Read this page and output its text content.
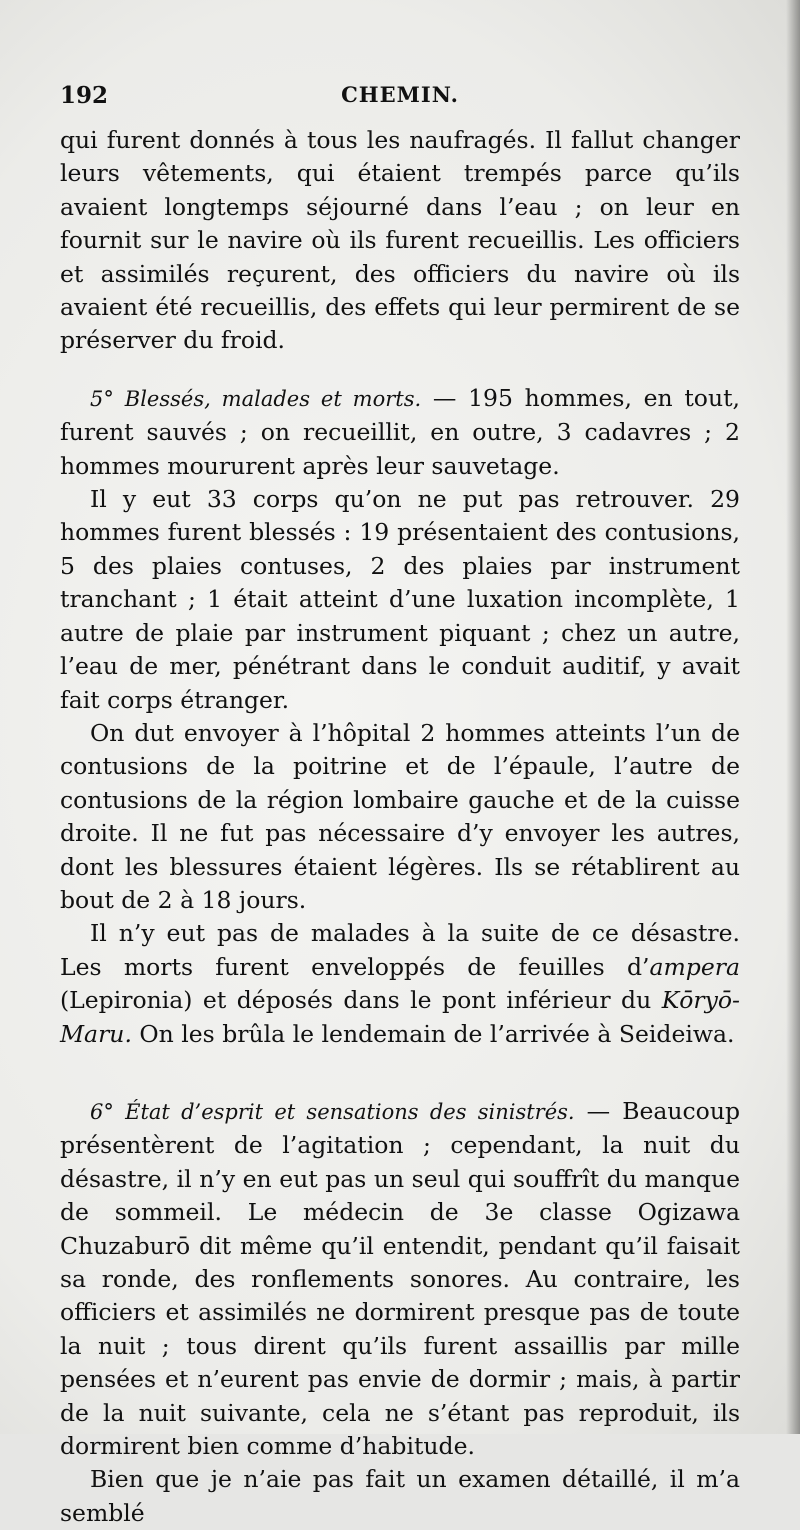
192	CHEMIN.

qui furent donnés à tous les naufragés. Il fallut changer leurs vêtements, qui étaient trempés parce qu’ils avaient longtemps séjourné dans l’eau ; on leur en fournit sur le navire où ils furent recueillis. Les officiers et assimilés reçurent, des officiers du navire où ils avaient été recueillis, des effets qui leur permirent de se préserver du froid.

5° Blessés, malades et morts. — 195 hommes, en tout, furent sauvés ; on recueillit, en outre, 3 cadavres ; 2 hommes moururent après leur sauvetage.

Il y eut 33 corps qu’on ne put pas retrouver. 29 hommes furent blessés : 19 présentaient des contusions, 5 des plaies contuses, 2 des plaies par instrument tranchant ; 1 était atteint d’une luxation incomplète, 1 autre de plaie par instrument piquant ; chez un autre, l’eau de mer, pénétrant dans le conduit auditif, y avait fait corps étranger.

On dut envoyer à l’hôpital 2 hommes atteints l’un de contusions de la poitrine et de l’épaule, l’autre de contusions de la région lombaire gauche et de la cuisse droite. Il ne fut pas nécessaire d’y envoyer les autres, dont les blessures étaient légères. Ils se rétablirent au bout de 2 à 18 jours.

Il n’y eut pas de malades à la suite de ce désastre. Les morts furent enveloppés de feuilles d’ampera (Lepironia) et déposés dans le pont inférieur du Kōryō-Maru. On les brûla le lendemain de l’arrivée à Seideiwa.

6° État d’esprit et sensations des sinistrés. — Beaucoup présentèrent de l’agitation ; cependant, la nuit du désastre, il n’y en eut pas un seul qui souffrît du manque de sommeil. Le médecin de 3e classe Ogizawa Chuzaburō dit même qu’il entendit, pendant qu’il faisait sa ronde, des ronflements sonores. Au contraire, les officiers et assimilés ne dormirent presque pas de toute la nuit ; tous dirent qu’ils furent assaillis par mille pensées et n’eurent pas envie de dormir ; mais, à partir de la nuit suivante, cela ne s’étant pas reproduit, ils dormirent bien comme d’habitude.

Bien que je n’aie pas fait un examen détaillé, il m’a semblé
